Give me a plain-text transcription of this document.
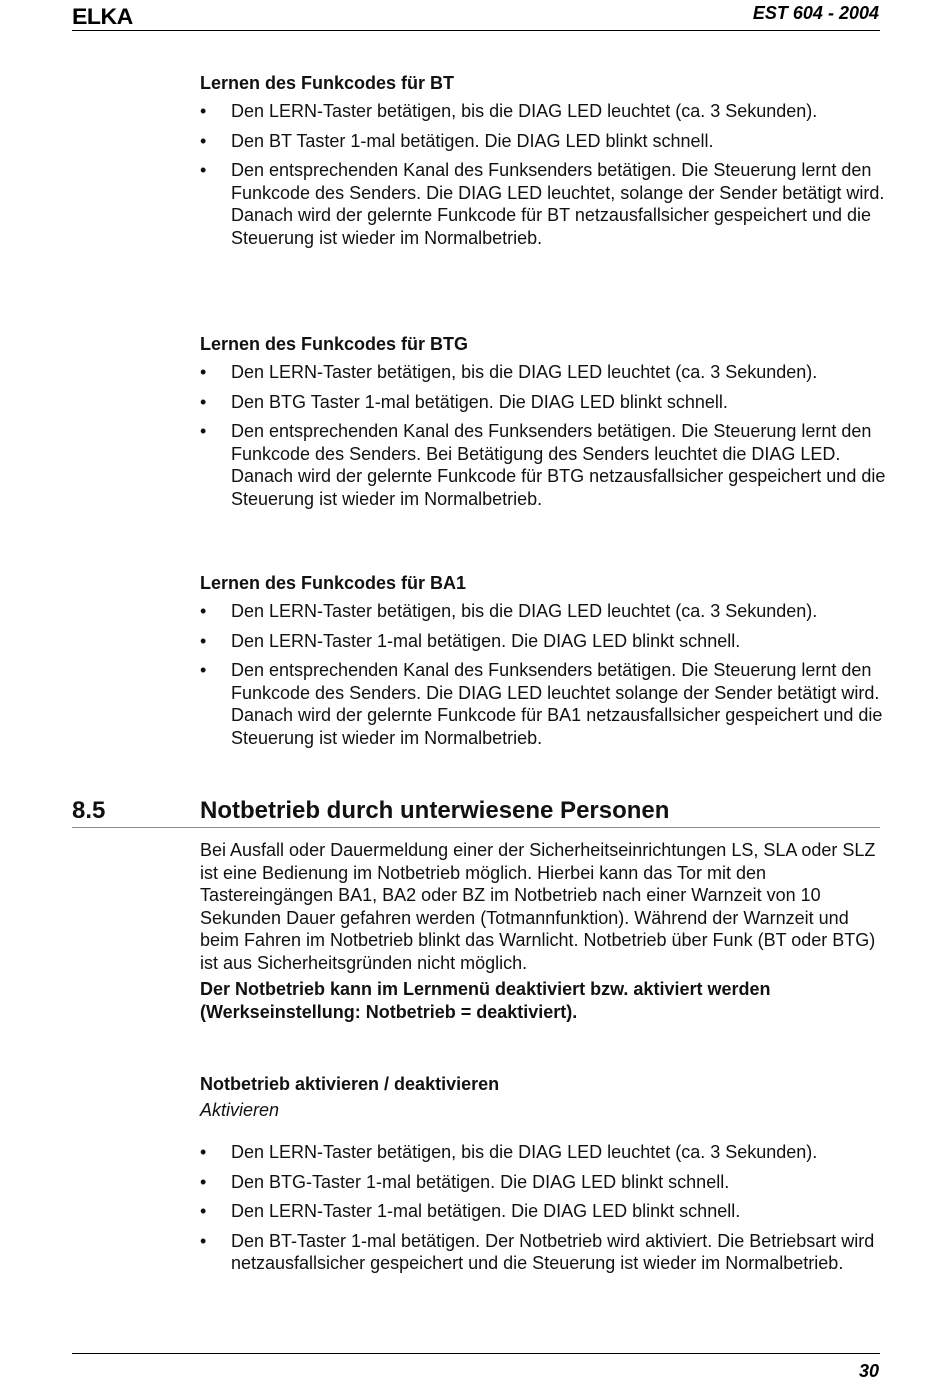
ELKA	EST 604 - 2004
Lernen des Funkcodes für BT
• Den LERN-Taster betätigen, bis die DIAG LED leuchtet (ca. 3 Sekunden).
• Den BT Taster 1-mal betätigen. Die DIAG LED blinkt schnell.
• Den entsprechenden Kanal des Funksenders betätigen. Die Steuerung lernt den Funkcode des Senders. Die DIAG LED leuchtet, solange der Sender betätigt wird. Danach wird der gelernte Funkcode für BT netzausfallsicher gespeichert und die Steuerung ist wieder im Normalbetrieb.
Lernen des Funkcodes für BTG
• Den LERN-Taster betätigen, bis die DIAG LED leuchtet (ca. 3 Sekunden).
• Den BTG Taster 1-mal betätigen. Die DIAG LED blinkt schnell.
• Den entsprechenden Kanal des Funksenders betätigen. Die Steuerung lernt den Funkcode des Senders. Bei Betätigung des Senders leuchtet die DIAG LED. Danach wird der gelernte Funkcode für BTG netzausfallsicher gespeichert und die Steuerung ist wieder im Normalbetrieb.
Lernen des Funkcodes für BA1
• Den LERN-Taster betätigen, bis die DIAG LED leuchtet (ca. 3 Sekunden).
• Den LERN-Taster 1-mal betätigen. Die DIAG LED blinkt schnell.
• Den entsprechenden Kanal des Funksenders betätigen. Die Steuerung lernt den Funkcode des Senders. Die DIAG LED leuchtet solange der Sender betätigt wird. Danach wird der gelernte Funkcode für BA1 netzausfallsicher gespeichert und die Steuerung ist wieder im Normalbetrieb.
8.5	Notbetrieb durch unterwiesene Personen

Bei Ausfall oder Dauermeldung einer der Sicherheitseinrichtungen LS, SLA oder SLZ ist eine Bedienung im Notbetrieb möglich. Hierbei kann das Tor mit den Tastereingängen BA1, BA2 oder BZ im Notbetrieb nach einer Warnzeit von 10 Sekunden Dauer gefahren werden (Totmannfunktion). Während der Warnzeit und beim Fahren im Notbetrieb blinkt das Warnlicht. Notbetrieb über Funk (BT oder BTG) ist aus Sicherheitsgründen nicht möglich.

Der Notbetrieb kann im Lernmenü deaktiviert bzw. aktiviert werden (Werkseinstellung: Notbetrieb = deaktiviert).

Notbetrieb aktivieren / deaktivieren
Aktivieren
• Den LERN-Taster betätigen, bis die DIAG LED leuchtet (ca. 3 Sekunden).
• Den BTG-Taster 1-mal betätigen. Die DIAG LED blinkt schnell.
• Den LERN-Taster 1-mal betätigen. Die DIAG LED blinkt schnell.
• Den BT-Taster 1-mal betätigen. Der Notbetrieb wird aktiviert. Die Betriebsart wird netzausfallsicher gespeichert und die Steuerung ist wieder im Normalbetrieb.
30
